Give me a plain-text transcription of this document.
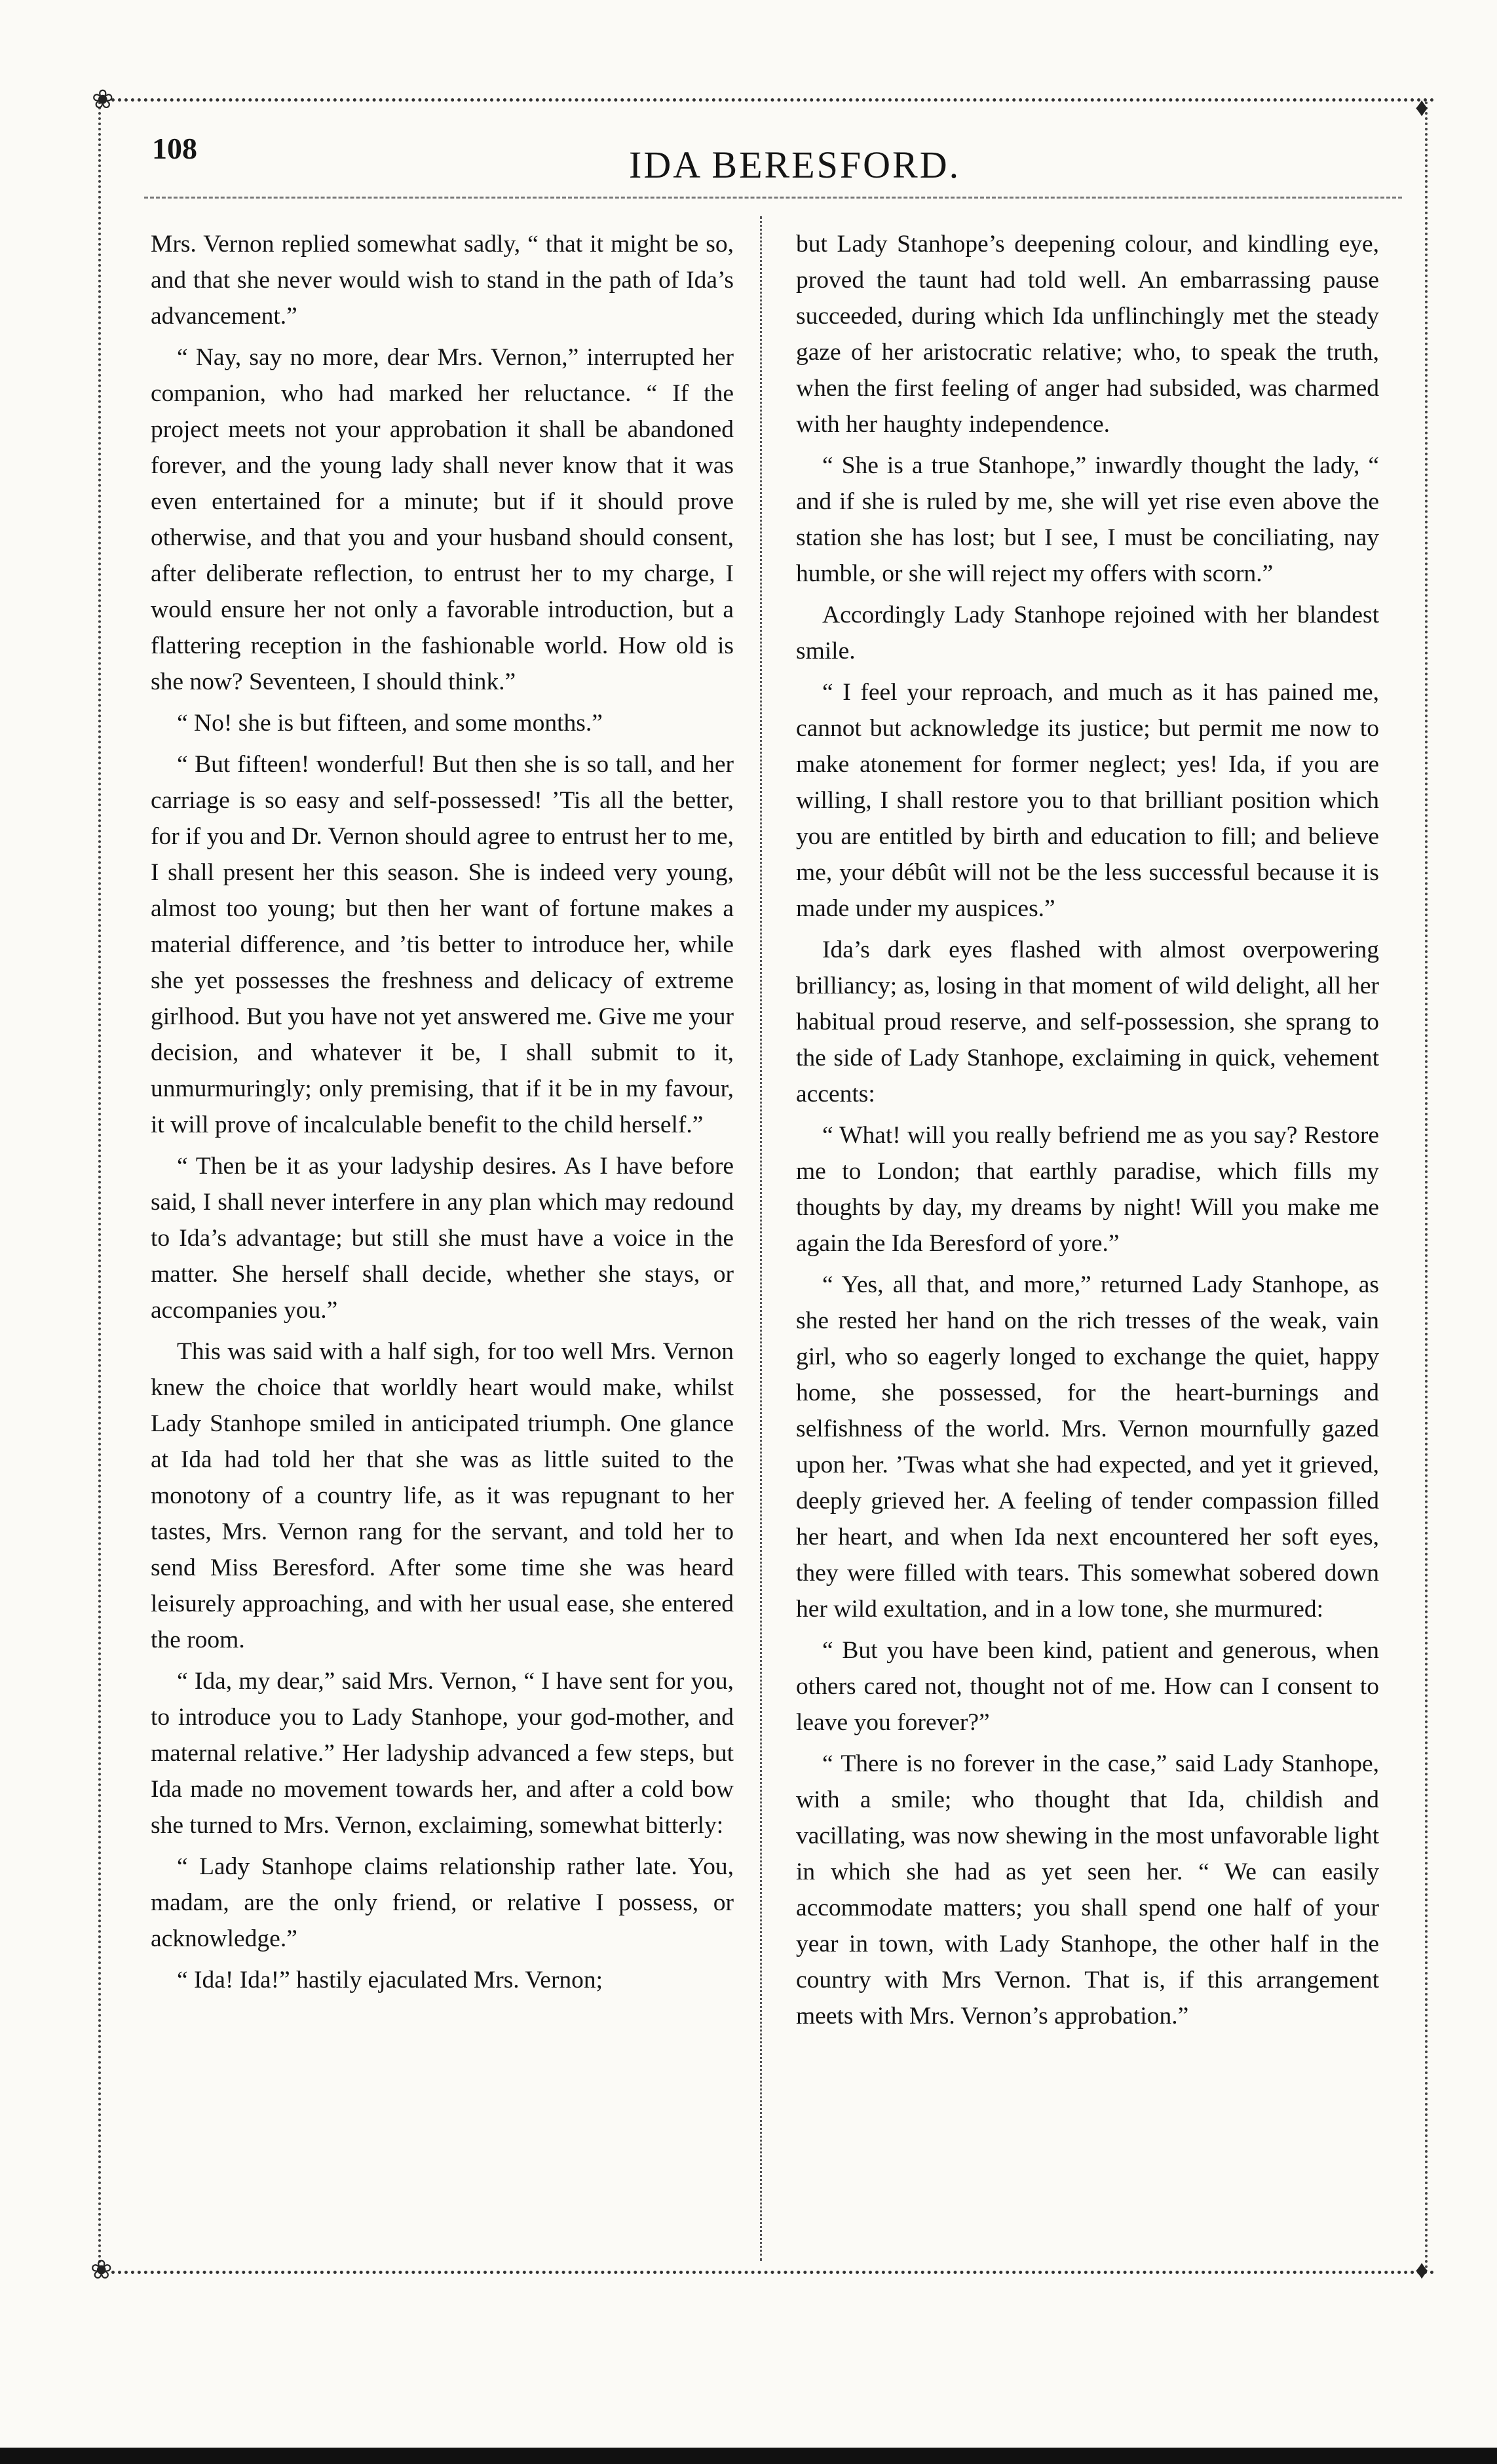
❀	♦
❀	♦
108	IDA BERESFORD.

Mrs. Vernon replied somewhat sadly, “ that it might be so, and that she never would wish to stand in the path of Ida’s advancement.”

“ Nay, say no more, dear Mrs. Vernon,” interrupted her companion, who had marked her reluctance. “ If the project meets not your approbation it shall be abandoned forever, and the young lady shall never know that it was even entertained for a minute; but if it should prove otherwise, and that you and your husband should consent, after deliberate reflection, to entrust her to my charge, I would ensure her not only a favorable introduction, but a flattering reception in the fashionable world. How old is she now? Seventeen, I should think.”

“ No! she is but fifteen, and some months.”

“ But fifteen! wonderful! But then she is so tall, and her carriage is so easy and self-possessed! ’Tis all the better, for if you and Dr. Vernon should agree to entrust her to me, I shall present her this season. She is indeed very young, almost too young; but then her want of fortune makes a material difference, and ’tis better to introduce her, while she yet possesses the freshness and delicacy of extreme girlhood. But you have not yet answered me. Give me your decision, and whatever it be, I shall submit to it, unmurmuringly; only premising, that if it be in my favour, it will prove of incalculable benefit to the child herself.”

“ Then be it as your ladyship desires. As I have before said, I shall never interfere in any plan which may redound to Ida’s advantage; but still she must have a voice in the matter. She herself shall decide, whether she stays, or accompanies you.”

This was said with a half sigh, for too well Mrs. Vernon knew the choice that worldly heart would make, whilst Lady Stanhope smiled in anticipated triumph. One glance at Ida had told her that she was as little suited to the monotony of a country life, as it was repugnant to her tastes, Mrs. Vernon rang for the servant, and told her to send Miss Beresford. After some time she was heard leisurely approaching, and with her usual ease, she entered the room.

“ Ida, my dear,” said Mrs. Vernon, “ I have sent for you, to introduce you to Lady Stanhope, your god-mother, and maternal relative.” Her ladyship advanced a few steps, but Ida made no movement towards her, and after a cold bow she turned to Mrs. Vernon, exclaiming, somewhat bitterly:

“ Lady Stanhope claims relationship rather late. You, madam, are the only friend, or relative I possess, or acknowledge.”

“ Ida! Ida!” hastily ejaculated Mrs. Vernon;

but Lady Stanhope’s deepening colour, and kindling eye, proved the taunt had told well. An embarrassing pause succeeded, during which Ida unflinchingly met the steady gaze of her aristocratic relative; who, to speak the truth, when the first feeling of anger had subsided, was charmed with her haughty independence.

“ She is a true Stanhope,” inwardly thought the lady, “ and if she is ruled by me, she will yet rise even above the station she has lost; but I see, I must be conciliating, nay humble, or she will reject my offers with scorn.”

Accordingly Lady Stanhope rejoined with her blandest smile.

“ I feel your reproach, and much as it has pained me, cannot but acknowledge its justice; but permit me now to make atonement for former neglect; yes! Ida, if you are willing, I shall restore you to that brilliant position which you are entitled by birth and education to fill; and believe me, your débût will not be the less successful because it is made under my auspices.”

Ida’s dark eyes flashed with almost overpowering brilliancy; as, losing in that moment of wild delight, all her habitual proud reserve, and self-possession, she sprang to the side of Lady Stanhope, exclaiming in quick, vehement accents:

“ What! will you really befriend me as you say? Restore me to London; that earthly paradise, which fills my thoughts by day, my dreams by night! Will you make me again the Ida Beresford of yore.”

“ Yes, all that, and more,” returned Lady Stanhope, as she rested her hand on the rich tresses of the weak, vain girl, who so eagerly longed to exchange the quiet, happy home, she possessed, for the heart-burnings and selfishness of the world. Mrs. Vernon mournfully gazed upon her. ’Twas what she had expected, and yet it grieved, deeply grieved her. A feeling of tender compassion filled her heart, and when Ida next encountered her soft eyes, they were filled with tears. This somewhat sobered down her wild exultation, and in a low tone, she murmured:

“ But you have been kind, patient and generous, when others cared not, thought not of me. How can I consent to leave you forever?”

“ There is no forever in the case,” said Lady Stanhope, with a smile; who thought that Ida, childish and vacillating, was now shewing in the most unfavorable light in which she had as yet seen her. “ We can easily accommodate matters; you shall spend one half of your year in town, with Lady Stanhope, the other half in the country with Mrs Vernon. That is, if this arrangement meets with Mrs. Vernon’s approbation.”
